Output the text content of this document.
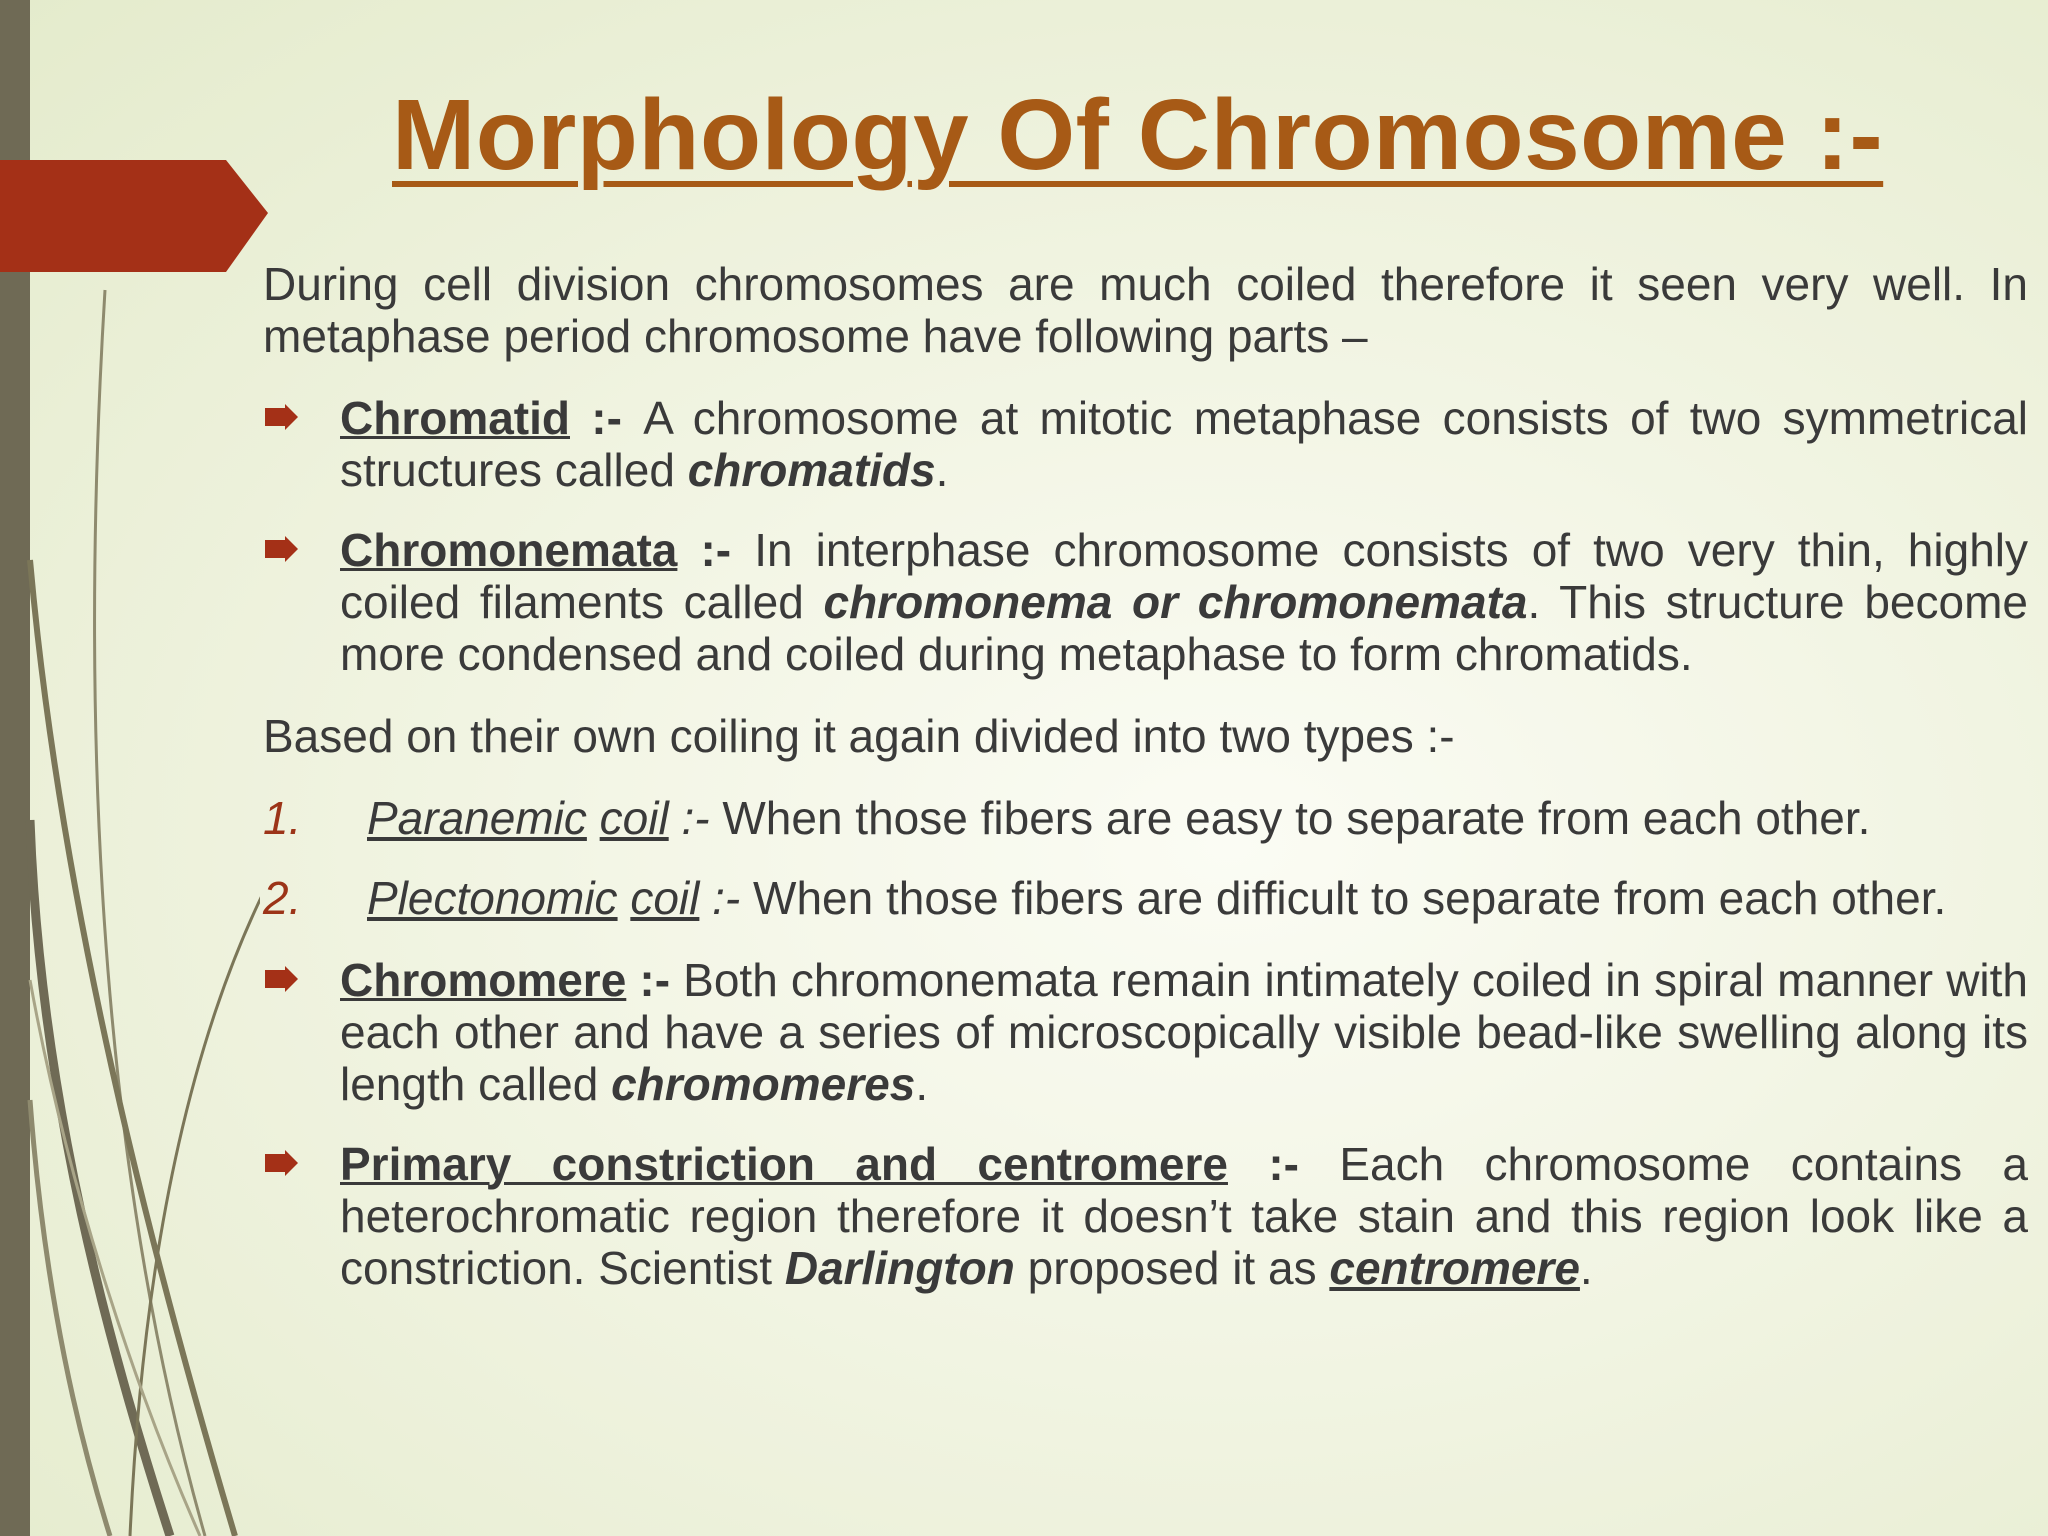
Morphology Of Chromosome :-

During cell division chromosomes are much coiled therefore it seen very well. In metaphase period chromosome have following parts –

Chromatid :- A chromosome at mitotic metaphase consists of two symmetrical structures called chromatids.
Chromonemata :- In interphase chromosome consists of two very thin, highly coiled filaments called chromonema or chromonemata. This structure become more condensed and coiled during metaphase to form chromatids.

Based on their own coiling it again divided into two types :-

1. Paranemic coil :- When those fibers are easy to separate from each other.
2. Plectonomic coil :- When those fibers are difficult to separate from each other.
Chromomere :- Both chromonemata remain intimately coiled in spiral manner with each other and have a series of microscopically visible bead-like swelling along its length called chromomeres.
Primary constriction and centromere :- Each chromosome contains a heterochromatic region therefore it doesn’t take stain and this region look like a constriction. Scientist Darlington proposed it as centromere.
